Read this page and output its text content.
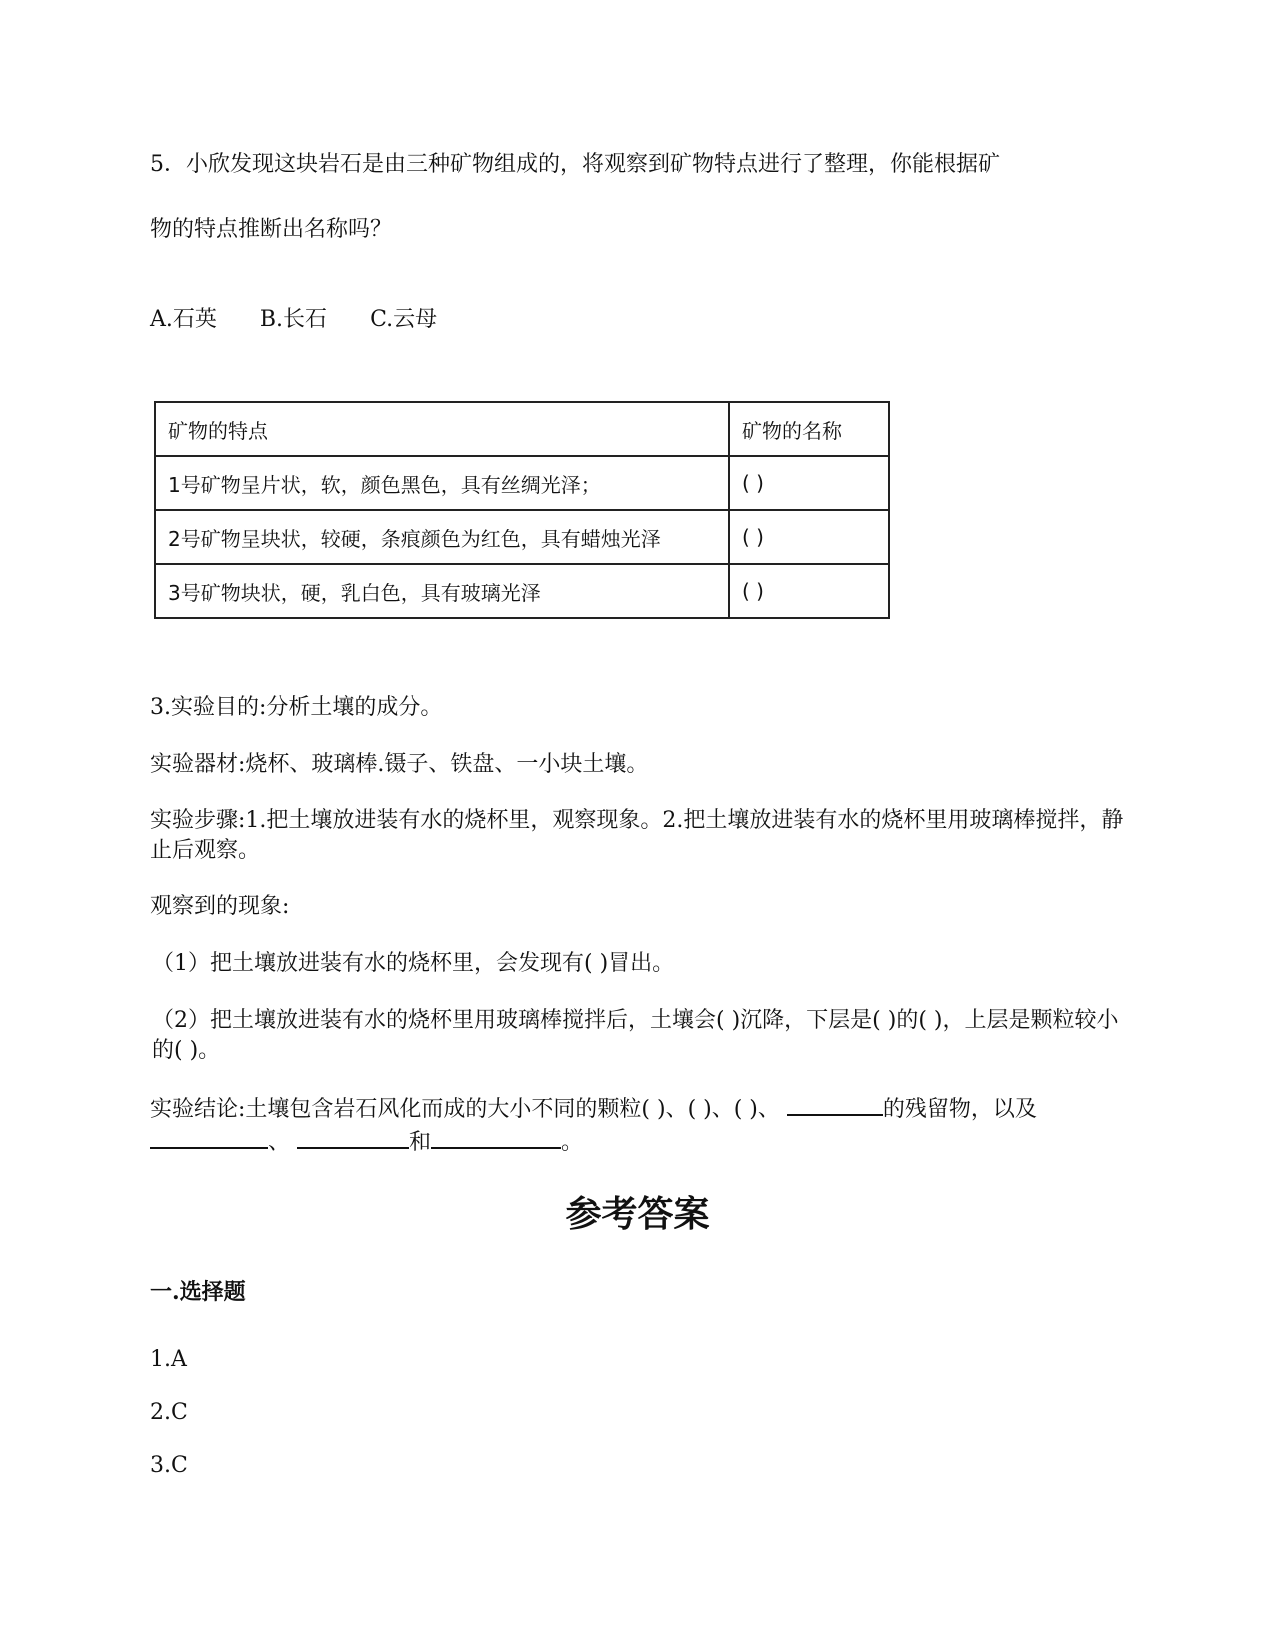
5．小欣发现这块岩石是由三种矿物组成的，将观察到矿物特点进行了整理，你能根据矿
物的特点推断出名称吗？
A.石英 B.长石 C.云母
矿物的特点	矿物的名称
1号矿物呈片状，软，颜色黑色，具有丝绸光泽；	( )
2号矿物呈块状，较硬，条痕颜色为红色，具有蜡烛光泽	( )
3号矿物块状，硬，乳白色，具有玻璃光泽	( )
3.实验目的:分析土壤的成分。
实验器材:烧杯、玻璃棒.镊子、铁盘、一小块土壤。
实验步骤:1.把土壤放进装有水的烧杯里，观察现象。2.把土壤放进装有水的烧杯里用玻璃棒搅拌，静止后观察。
观察到的现象:
（1）把土壤放进装有水的烧杯里，会发现有( )冒出。
（2）把土壤放进装有水的烧杯里用玻璃棒搅拌后，土壤会( )沉降，下层是( )的( )，上层是颗粒较小的( )。
实验结论:土壤包含岩石风化而成的大小不同的颗粒( )、( )、( )、	的残留物，以及、	和	。
参考答案
一.选择题
1.A
2.C
3.C
